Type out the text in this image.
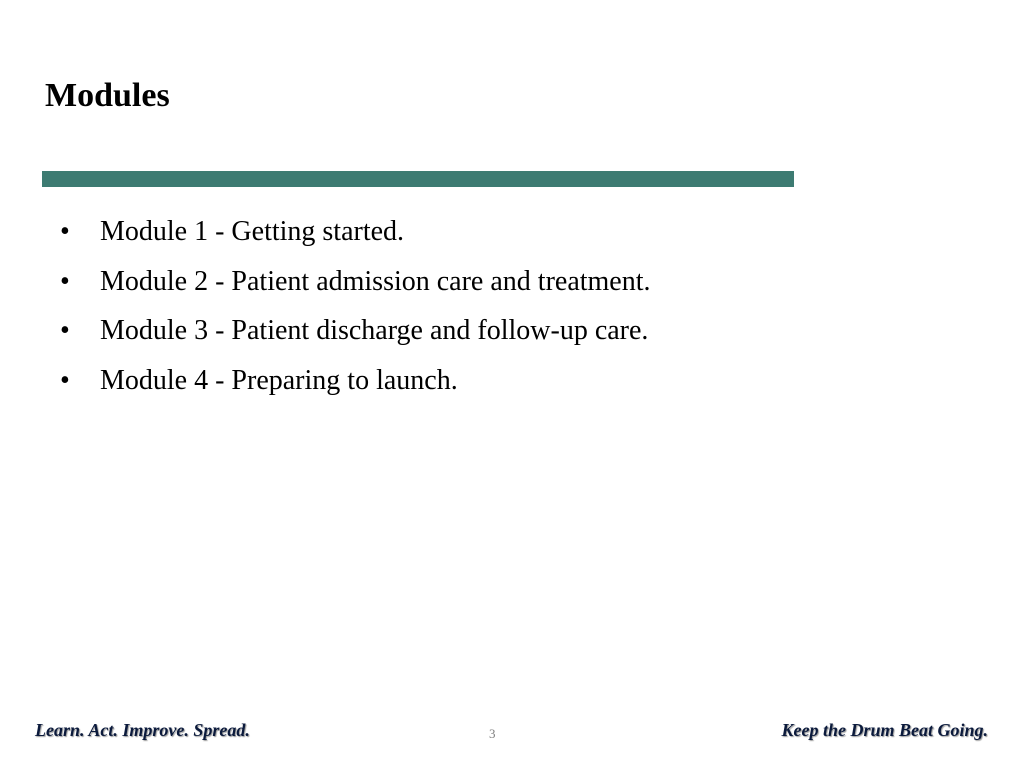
Modules
•	Module 1 - Getting started.
•	Module 2 - Patient admission care and treatment.
•	Module 3 - Patient discharge and follow-up care.
•	Module 4 - Preparing to launch.
Learn. Act. Improve. Spread.	3	Keep the Drum Beat Going.
